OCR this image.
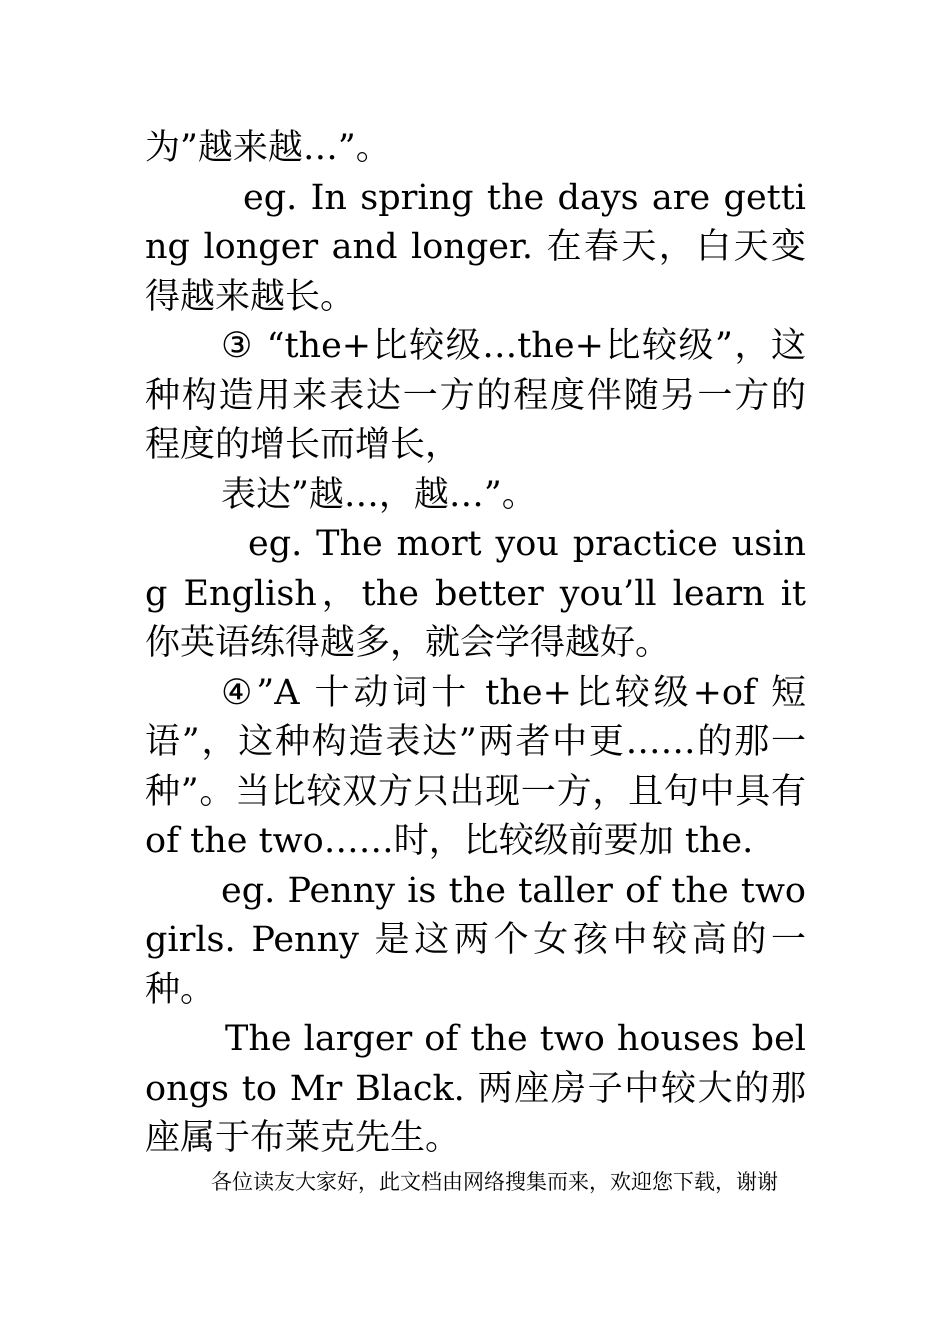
为”越来越…”。

eg. In spring the days are getting longer and longer. 在春天，白天变得越来越长。

③ “the+比较级…the+比较级”，这种构造用来表达一方的程度伴随另一方的程度的增长而增长，

表达”越…，越…”。

eg. The mort you practice using English，the better you’ll learn it 你英语练得越多，就会学得越好。

④”A 十动词十 the+比较级+of 短语”，这种构造表达”两者中更……的那一种”。当比较双方只出现一方，且句中具有 of the two……时，比较级前要加 the.

eg. Penny is the taller of the two girls. Penny 是这两个女孩中较高的一种。

The larger of the two houses belongs to Mr Black. 两座房子中较大的那座属于布莱克先生。

各位读友大家好，此文档由网络搜集而来，欢迎您下载，谢谢
